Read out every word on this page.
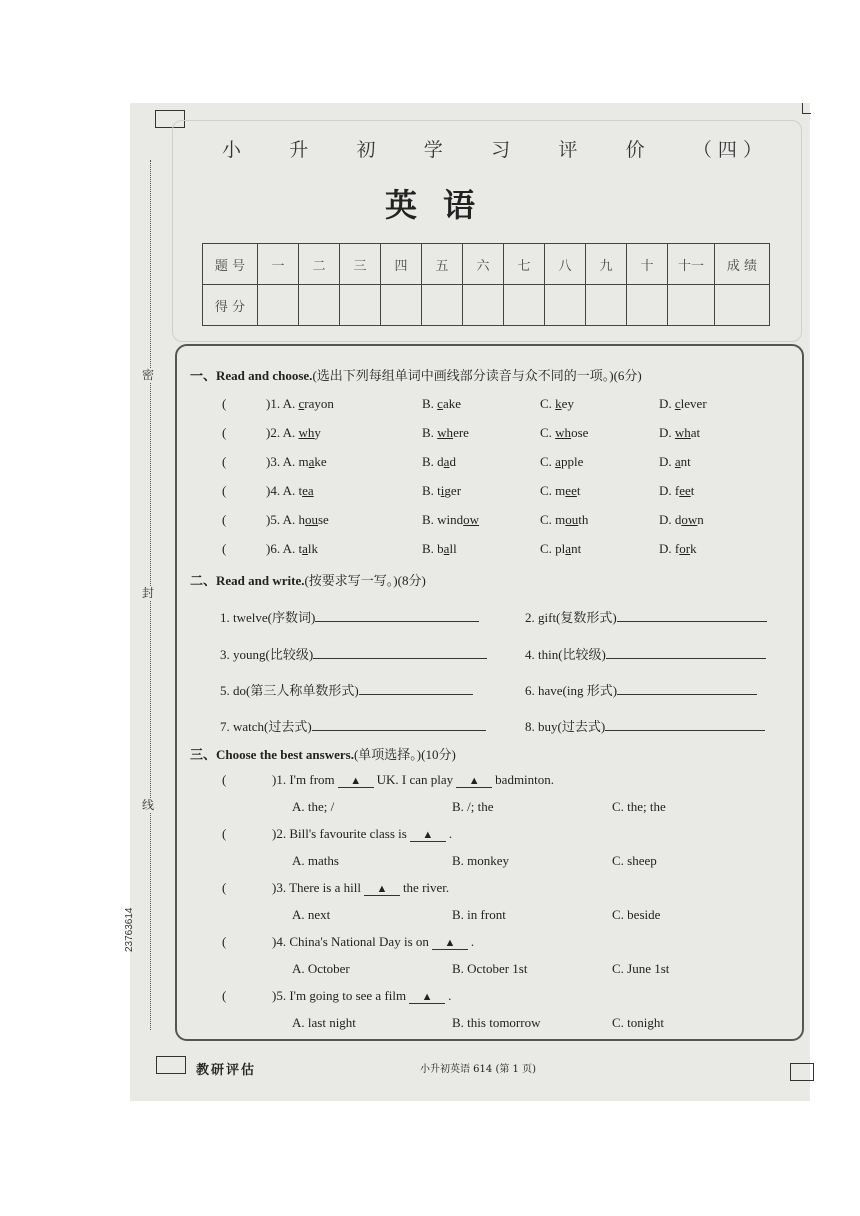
密
封
线
23763614
小	升	初	学	习	评	价	（ 四 ）
英语
题 号	一	二	三	四	五	六	七	八	九	十	十一	成 绩
得 分												
一、Read and choose.(选出下列每组单词中画线部分读音与众不同的一项。)(6分)
(	)1. A. crayon	B. cake	C. key	D. clever
(	)2. A. why	B. where	C. whose	D. what
(	)3. A. make	B. dad	C. apple	D. ant
(	)4. A. tea	B. tiger	C. meet	D. feet
(	)5. A. house	B. window	C. mouth	D. down
(	)6. A. talk	B. ball	C. plant	D. fork
二、Read and write.(按要求写一写。)(8分)
1. twelve(序数词)	2. gift(复数形式)
3. young(比较级)	4. thin(比较级)
5. do(第三人称单数形式)	6. have(ing 形式)
7. watch(过去式)	8. buy(过去式)
三、Choose the best answers.(单项选择。)(10分)
(	)1. I'm from ▲ UK. I can play ▲ badminton.
A. the; /	B. /; the	C. the; the
(	)2. Bill's favourite class is ▲ .
A. maths	B. monkey	C. sheep
(	)3. There is a hill ▲ the river.
A. next	B. in front	C. beside
(	)4. China's National Day is on ▲ .
A. October	B. October 1st	C. June 1st
(	)5. I'm going to see a film ▲ .
A. last night	B. this tomorrow	C. tonight
教研评估	小升初英语 614 (第 1 页)
